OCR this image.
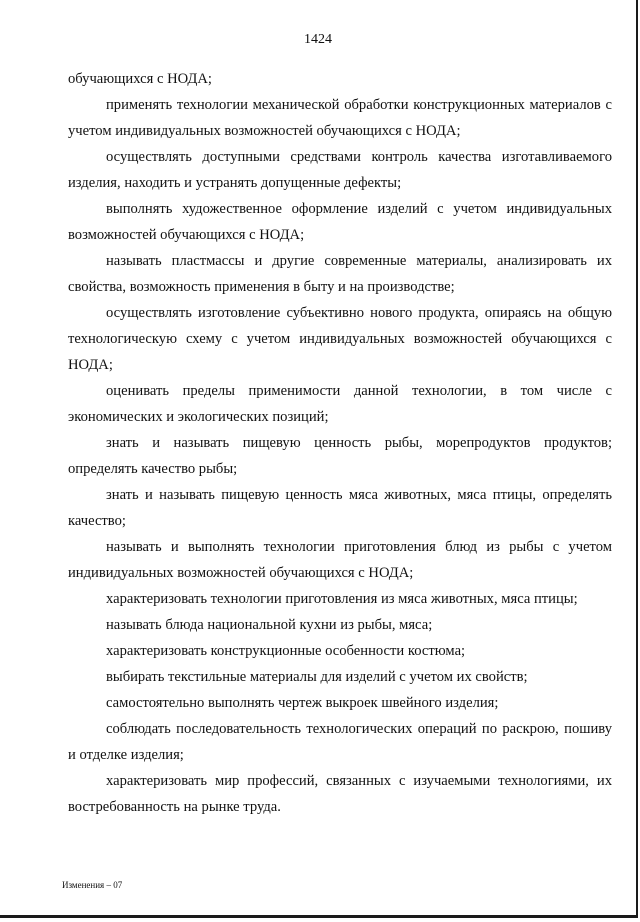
1424

обучающихся с НОДА;

применять технологии механической обработки конструкционных материалов с учетом индивидуальных возможностей обучающихся с НОДА;

осуществлять доступными средствами контроль качества изготавливаемого изделия, находить и устранять допущенные дефекты;

выполнять художественное оформление изделий с учетом индивидуальных возможностей обучающихся с НОДА;

называть пластмассы и другие современные материалы, анализировать их свойства, возможность применения в быту и на производстве;

осуществлять изготовление субъективно нового продукта, опираясь на общую технологическую схему с учетом индивидуальных возможностей обучающихся с НОДА;

оценивать пределы применимости данной технологии, в том числе с экономических и экологических позиций;

знать и называть пищевую ценность рыбы, морепродуктов продуктов; определять качество рыбы;

знать и называть пищевую ценность мяса животных, мяса птицы, определять качество;

называть и выполнять технологии приготовления блюд из рыбы с учетом индивидуальных возможностей обучающихся с НОДА;

характеризовать технологии приготовления из мяса животных, мяса птицы;

называть блюда национальной кухни из рыбы, мяса;

характеризовать конструкционные особенности костюма;

выбирать текстильные материалы для изделий с учетом их свойств;

самостоятельно выполнять чертеж выкроек швейного изделия;

соблюдать последовательность технологических операций по раскрою, пошиву и отделке изделия;

характеризовать мир профессий, связанных с изучаемыми технологиями, их востребованность на рынке труда.

Изменения – 07
